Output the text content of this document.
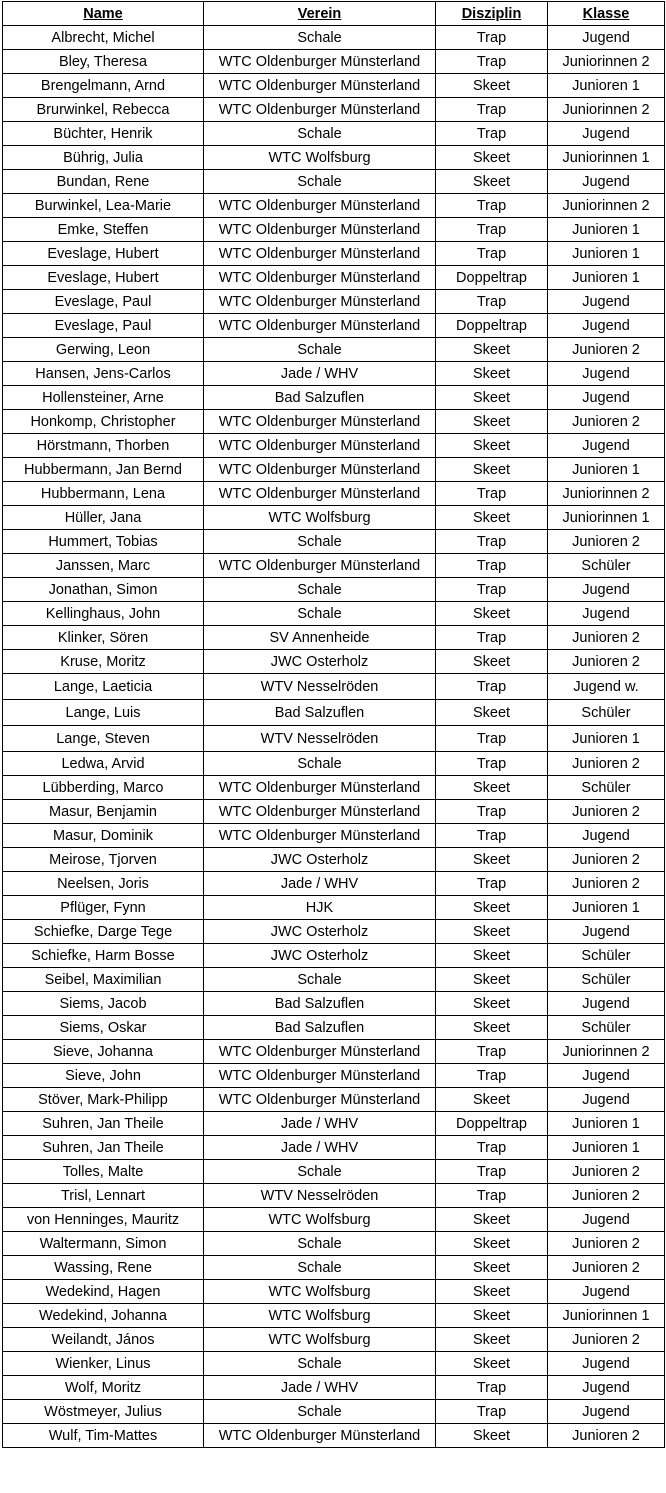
Name	Verein	Disziplin	Klasse
Albrecht, Michel	Schale	Trap	Jugend
Bley, Theresa	WTC Oldenburger Münsterland	Trap	Juniorinnen 2
Brengelmann, Arnd	WTC Oldenburger Münsterland	Skeet	Junioren 1
Brurwinkel, Rebecca	WTC Oldenburger Münsterland	Trap	Juniorinnen 2
Büchter, Henrik	Schale	Trap	Jugend
Bührig, Julia	WTC Wolfsburg	Skeet	Juniorinnen 1
Bundan, Rene	Schale	Skeet	Jugend
Burwinkel, Lea-Marie	WTC Oldenburger Münsterland	Trap	Juniorinnen 2
Emke, Steffen	WTC Oldenburger Münsterland	Trap	Junioren 1
Eveslage, Hubert	WTC Oldenburger Münsterland	Trap	Junioren 1
Eveslage, Hubert	WTC Oldenburger Münsterland	Doppeltrap	Junioren 1
Eveslage, Paul	WTC Oldenburger Münsterland	Trap	Jugend
Eveslage, Paul	WTC Oldenburger Münsterland	Doppeltrap	Jugend
Gerwing, Leon	Schale	Skeet	Junioren 2
Hansen, Jens-Carlos	Jade / WHV	Skeet	Jugend
Hollensteiner, Arne	Bad Salzuflen	Skeet	Jugend
Honkomp, Christopher	WTC Oldenburger Münsterland	Skeet	Junioren 2
Hörstmann, Thorben	WTC Oldenburger Münsterland	Skeet	Jugend
Hubbermann, Jan Bernd	WTC Oldenburger Münsterland	Skeet	Junioren 1
Hubbermann, Lena	WTC Oldenburger Münsterland	Trap	Juniorinnen 2
Hüller, Jana	WTC Wolfsburg	Skeet	Juniorinnen 1
Hummert, Tobias	Schale	Trap	Junioren 2
Janssen, Marc	WTC Oldenburger Münsterland	Trap	Schüler
Jonathan, Simon	Schale	Trap	Jugend
Kellinghaus, John	Schale	Skeet	Jugend
Klinker, Sören	SV Annenheide	Trap	Junioren 2
Kruse, Moritz	JWC Osterholz	Skeet	Junioren 2
Lange, Laeticia	WTV Nesselröden	Trap	Jugend w.
Lange, Luis	Bad Salzuflen	Skeet	Schüler
Lange, Steven	WTV Nesselröden	Trap	Junioren 1
Ledwa, Arvid	Schale	Trap	Junioren 2
Lübberding, Marco	WTC Oldenburger Münsterland	Skeet	Schüler
Masur, Benjamin	WTC Oldenburger Münsterland	Trap	Junioren 2
Masur, Dominik	WTC Oldenburger Münsterland	Trap	Jugend
Meirose, Tjorven	JWC Osterholz	Skeet	Junioren 2
Neelsen, Joris	Jade / WHV	Trap	Junioren 2
Pflüger, Fynn	HJK	Skeet	Junioren 1
Schiefke, Darge Tege	JWC Osterholz	Skeet	Jugend
Schiefke, Harm Bosse	JWC Osterholz	Skeet	Schüler
Seibel, Maximilian	Schale	Skeet	Schüler
Siems, Jacob	Bad Salzuflen	Skeet	Jugend
Siems, Oskar	Bad Salzuflen	Skeet	Schüler
Sieve, Johanna	WTC Oldenburger Münsterland	Trap	Juniorinnen 2
Sieve, John	WTC Oldenburger Münsterland	Trap	Jugend
Stöver, Mark-Philipp	WTC Oldenburger Münsterland	Skeet	Jugend
Suhren, Jan Theile	Jade / WHV	Doppeltrap	Junioren 1
Suhren, Jan Theile	Jade / WHV	Trap	Junioren 1
Tolles, Malte	Schale	Trap	Junioren 2
Trisl, Lennart	WTV Nesselröden	Trap	Junioren 2
von Henninges, Mauritz	WTC Wolfsburg	Skeet	Jugend
Waltermann, Simon	Schale	Skeet	Junioren 2
Wassing, Rene	Schale	Skeet	Junioren 2
Wedekind, Hagen	WTC Wolfsburg	Skeet	Jugend
Wedekind, Johanna	WTC Wolfsburg	Skeet	Juniorinnen 1
Weilandt, János	WTC Wolfsburg	Skeet	Junioren 2
Wienker, Linus	Schale	Skeet	Jugend
Wolf, Moritz	Jade / WHV	Trap	Jugend
Wöstmeyer, Julius	Schale	Trap	Jugend
Wulf, Tim-Mattes	WTC Oldenburger Münsterland	Skeet	Junioren 2
